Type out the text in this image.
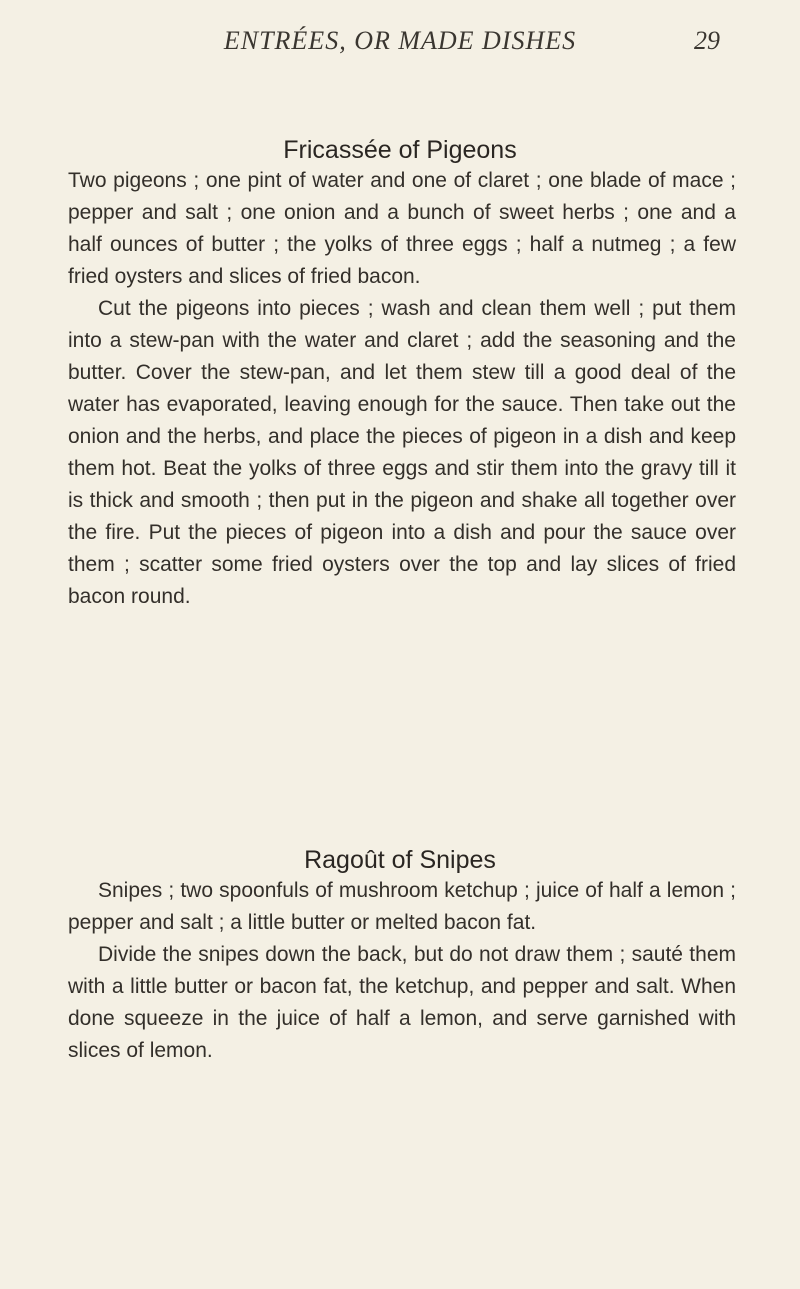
ENTRÉES, OR MADE DISHES	29
Fricassée of Pigeons

Two pigeons ; one pint of water and one of claret ; one blade of mace ; pepper and salt ; one onion and a bunch of sweet herbs ; one and a half ounces of butter ; the yolks of three eggs ; half a nutmeg ; a few fried oysters and slices of fried bacon.

Cut the pigeons into pieces ; wash and clean them well ; put them into a stew-pan with the water and claret ; add the seasoning and the butter. Cover the stew-pan, and let them stew till a good deal of the water has evaporated, leaving enough for the sauce. Then take out the onion and the herbs, and place the pieces of pigeon in a dish and keep them hot. Beat the yolks of three eggs and stir them into the gravy till it is thick and smooth ; then put in the pigeon and shake all together over the fire. Put the pieces of pigeon into a dish and pour the sauce over them ; scatter some fried oysters over the top and lay slices of fried bacon round.

Ragoût of Snipes

Snipes ; two spoonfuls of mushroom ketchup ; juice of half a lemon ; pepper and salt ; a little butter or melted bacon fat.

Divide the snipes down the back, but do not draw them ; sauté them with a little butter or bacon fat, the ketchup, and pepper and salt. When done squeeze in the juice of half a lemon, and serve garnished with slices of lemon.
